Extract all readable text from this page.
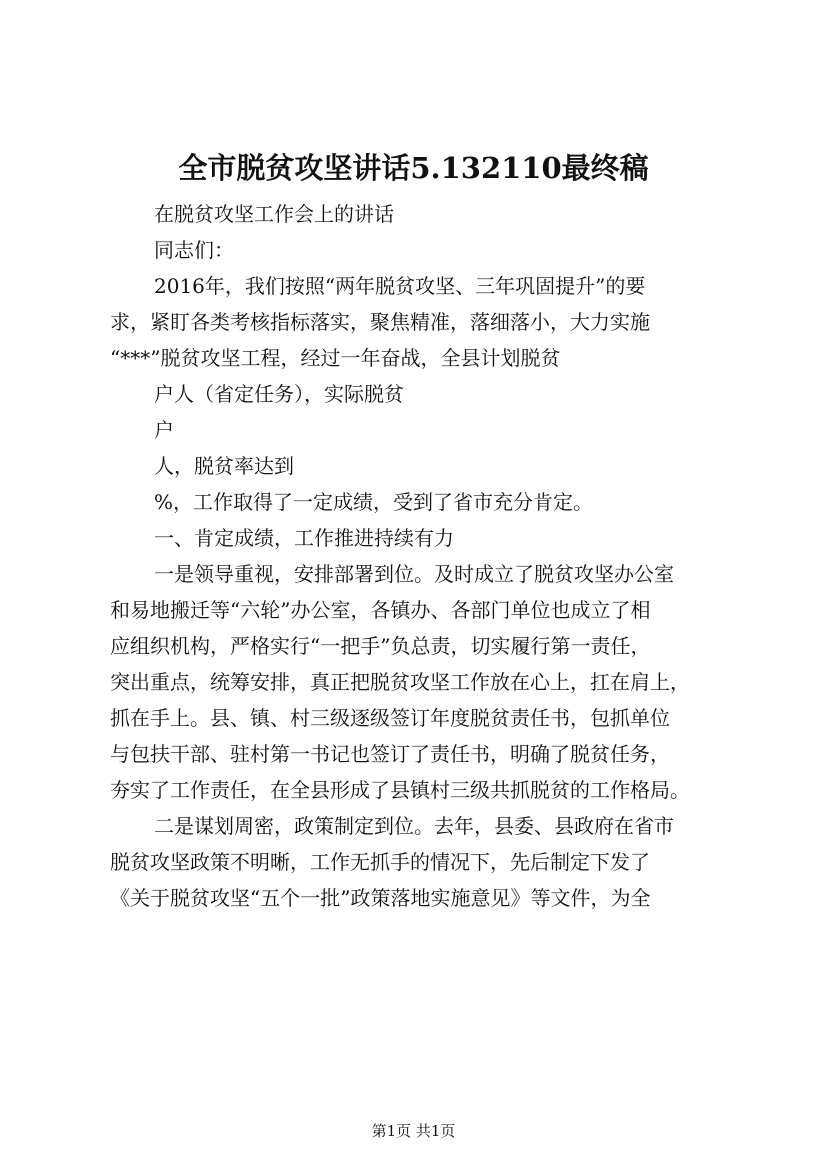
全市脱贫攻坚讲话5.132110最终稿
在脱贫攻坚工作会上的讲话
同志们：
2016年，我们按照“两年脱贫攻坚、三年巩固提升”的要
求，紧盯各类考核指标落实，聚焦精准，落细落小，大力实施
“***”脱贫攻坚工程，经过一年奋战，全县计划脱贫
户人（省定任务），实际脱贫
户
人，脱贫率达到
%，工作取得了一定成绩，受到了省市充分肯定。
一、肯定成绩，工作推进持续有力
一是领导重视，安排部署到位。及时成立了脱贫攻坚办公室
和易地搬迁等“六轮”办公室，各镇办、各部门单位也成立了相
应组织机构，严格实行“一把手”负总责，切实履行第一责任，
突出重点，统筹安排，真正把脱贫攻坚工作放在心上，扛在肩上，
抓在手上。县、镇、村三级逐级签订年度脱贫责任书，包抓单位
与包扶干部、驻村第一书记也签订了责任书，明确了脱贫任务，
夯实了工作责任，在全县形成了县镇村三级共抓脱贫的工作格局。
二是谋划周密，政策制定到位。去年，县委、县政府在省市
脱贫攻坚政策不明晰，工作无抓手的情况下，先后制定下发了
《关于脱贫攻坚“五个一批”政策落地实施意见》等文件，为全
第1页 共1页
